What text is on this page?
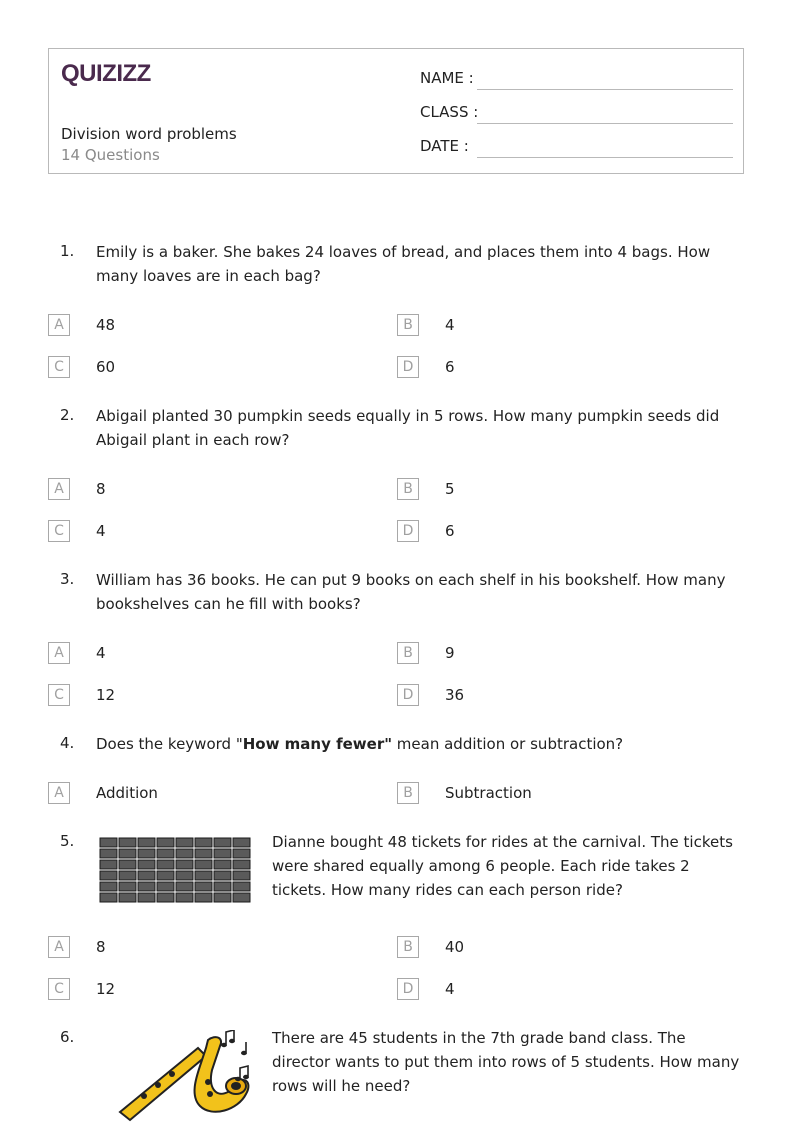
QUIZIZZ
Division word problems
14 Questions
NAME :
CLASS :
DATE :
1. Emily is a baker. She bakes 24 loaves of bread, and places them into 4 bags. How many loaves are in each bag?
A	48	B	4
C	60	D	6
2. Abigail planted 30 pumpkin seeds equally in 5 rows. How many pumpkin seeds did Abigail plant in each row?
A	8	B	5
C	4	D	6
3. William has 36 books. He can put 9 books on each shelf in his bookshelf. How many bookshelves can he fill with books?
A	4	B	9
C	12	D	36
4. Does the keyword "How many fewer" mean addition or subtraction?
A	Addition	B	Subtraction
5.	Dianne bought 48 tickets for rides at the carnival. The tickets were shared equally among 6 people. Each ride takes 2 tickets. How many rides can each person ride?
A	8	B	40
C	12	D	4
6.	There are 45 students in the 7th grade band class. The director wants to put them into rows of 5 students. How many rows will he need?
